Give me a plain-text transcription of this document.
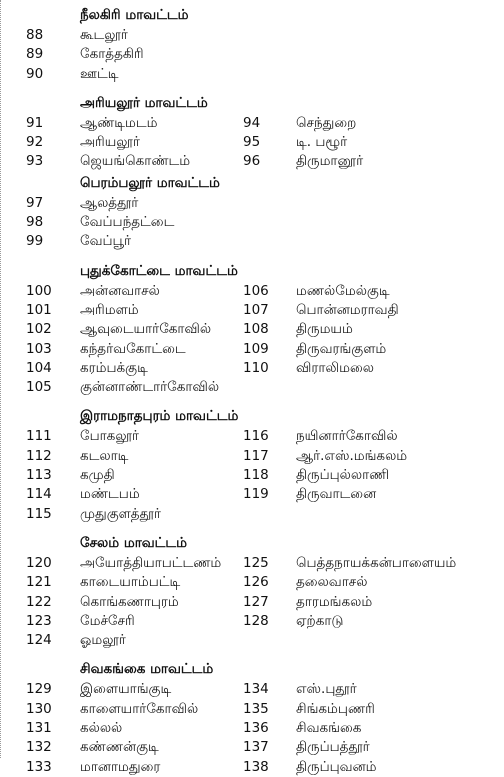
நீலகிரி மாவட்டம்
88	கூடலூர்
89	கோத்தகிரி
90	ஊட்டி
அரியலூர் மாவட்டம்
91	ஆண்டிமடம்	94	செந்துறை
92	அரியலூர்	95	டி. பழூர்
93	ஜெயங்கொண்டம்	96	திருமானூர்
பெரம்பலூர் மாவட்டம்
97	ஆலத்தூர்
98	வேப்பந்தட்டை
99	வேப்பூர்
புதுக்கோட்டை மாவட்டம்
100 அன்னவாசல்	106 மணல்மேல்குடி
101 அரிமளம்	107 பொன்னமராவதி
102 ஆவுடையார்கோவில் 108 திருமயம்
103 கந்தர்வகோட்டை	109 திருவரங்குளம்
104 கரம்பக்குடி	110 விராலிமலை
105 குன்னாண்டார்கோவில்
இராமநாதபுரம் மாவட்டம்
111 போகலூர்	116 நயினார்கோவில்
112 கடலாடி	117 ஆர்.எஸ்.மங்கலம்
113 கமுதி	118 திருப்புல்லாணி
114 மண்டபம்	119 திருவாடனை
115 முதுகுளத்தூர்
சேலம் மாவட்டம்
120 அயோத்தியாபட்டணம் 125 பெத்தநாயக்கன்பாளையம்
121 காடையாம்பட்டி	126 தலைவாசல்
122 கொங்கணாபுரம்	127 தாரமங்கலம்
123 மேச்சேரி	128 ஏற்காடு
124 ஓமலூர்
சிவகங்கை மாவட்டம்
129 இளையாங்குடி	134 எஸ்.புதூர்
130 காளையார்கோவில்	135 சிங்கம்புணரி
131 கல்லல்	136 சிவகங்கை
132 கண்ணன்குடி	137 திருப்பத்தூர்
133 மானாமதுரை	138 திருப்புவனம்
